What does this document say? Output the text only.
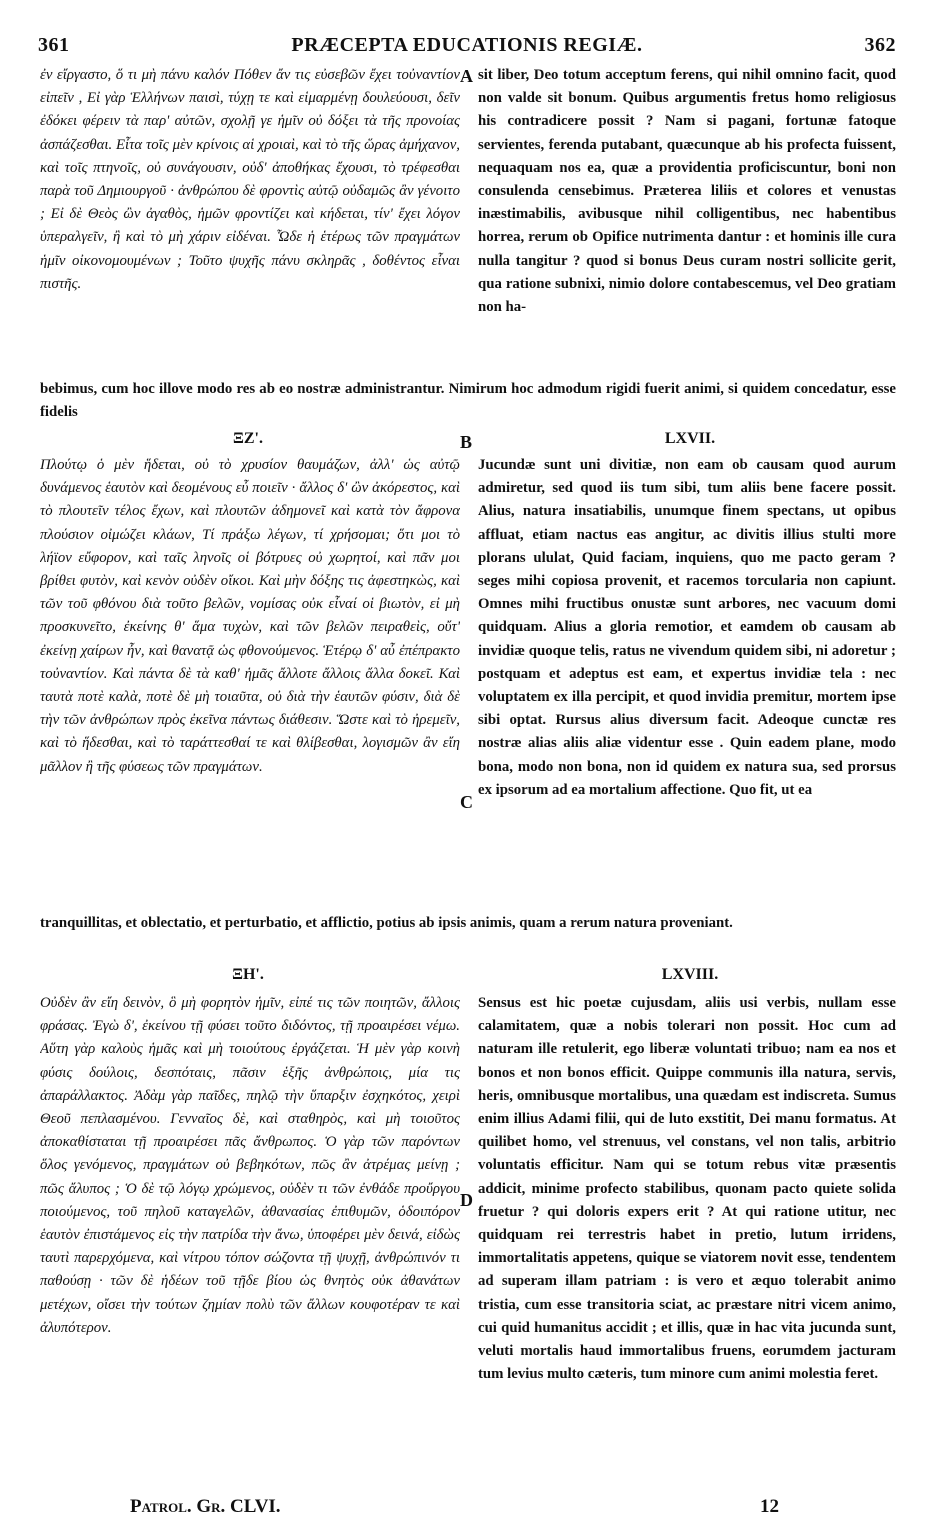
361	PRÆCEPTA EDUCATIONIS REGIÆ.	362

ἐν εἴργαστο, ὅ τι μὴ πάνυ καλόν Πόθεν ἄν τις εὐσεβῶν ἔχει τοὐναντίον εἰπεῖν , Εἰ γὰρ Ἑλλήνων παισὶ, τύχῃ τε καὶ εἱμαρμένῃ δουλεύουσι, δεῖν ἐδόκει φέρειν τὰ παρ' αὐτῶν, σχολῇ γε ἡμῖν οὐ δόξει τὰ τῆς προνοίας ἀσπάζεσθαι. Εἶτα τοῖς μὲν κρίνοις αἱ χροιαὶ, καὶ τὸ τῆς ὥρας ἀμήχανον, καὶ τοῖς πτηνοῖς, οὐ συνάγουσιν, οὐδ' ἀποθήκας ἔχουσι, τὸ τρέφεσθαι παρὰ τοῦ Δημιουργοῦ · ἀνθρώπου δὲ φροντὶς αὐτῷ οὐδαμῶς ἂν γένοιτο ; Εἰ δὲ Θεὸς ὢν ἀγαθὸς, ἡμῶν φροντίζει καὶ κήδεται, τίν' ἔχει λόγον ὑπεραλγεῖν, ἢ καὶ τὸ μὴ χάριν εἰδέναι. Ὧδε ἡ ἑτέρως τῶν πραγμάτων ἡμῖν οἰκονομουμένων ; Τοῦτο ψυχῆς πάνυ σκληρᾶς , δοθέντος εἶναι πιστῆς.

A sit liber, Deo totum acceptum ferens, qui nihil omnino facit, quod non valde sit bonum. Quibus argumentis fretus homo religiosus his contradicere possit ? Nam si pagani, fortunæ fatoque servientes, ferenda putabant, quæcunque ab his profecta fuissent, nequaquam nos ea, quæ a providentia proficiscuntur, boni non consulenda censebimus. Præterea liliis et colores et venustas inæstimabilis, avibusque nihil colligentibus, nec habentibus horrea, rerum ob Opifice nutrimenta dantur : et hominis ille cura nulla tangitur ? quod si bonus Deus curam nostri sollicite gerit, qua ratione subnixi, nimio dolore contabescemus, vel Deo gratiam non ha-

bebimus, cum hoc illove modo res ab eo nostræ administrantur. Nimirum hoc admodum rigidi fuerit animi, si quidem concedatur, esse fidelis

ΞΖ'.	B	LXVII.

Πλούτῳ ὁ μὲν ἥδεται, οὐ τὸ χρυσίον θαυμάζων, ἀλλ' ὡς αὐτῷ δυνάμενος ἑαυτὸν καὶ δεομένους εὖ ποιεῖν · ἄλλος δ' ὢν ἀκόρεστος, καὶ τὸ πλουτεῖν τέλος ἔχων, καὶ πλουτῶν ἀδημονεῖ καὶ κατὰ τὸν ἄφρονα πλούσιον οἰμώζει κλάων, Τί πράξω λέγων, τί χρήσομαι; ὅτι μοι τὸ λήϊον εὔφορον, καὶ ταῖς ληνοῖς οἱ βότρυες οὐ χωρητοί, καὶ πᾶν μοι βρίθει φυτὸν, καὶ κενὸν οὐδὲν οἴκοι. Καὶ μὴν δόξης τις ἀφεστηκὼς, καὶ τῶν τοῦ φθόνου διὰ τοῦτο βελῶν, νομίσας οὐκ εἶναί οἱ βιωτὸν, εἰ μὴ προσκυνεῖτο, ἐκείνης θ' ἅμα τυχὼν, καὶ τῶν βελῶν πειραθεὶς, οὔτ' ἐκείνῃ χαίρων ἦν, καὶ θανατᾷ ὡς φθονούμενος. Ἑτέρῳ δ' αὖ ἐπέπρακτο τοὐναντίον. Καὶ πάντα δὲ τὰ καθ' ἡμᾶς ἄλλοτε ἄλλοις ἄλλα δοκεῖ. Καὶ ταυτὰ ποτὲ καλὰ, ποτὲ δὲ μὴ τοιαῦτα, οὐ διὰ τὴν ἑαυτῶν φύσιν, διὰ δὲ τὴν τῶν ἀνθρώπων πρὸς ἐκεῖνα πάντως διάθεσιν. Ὥστε καὶ τὸ ἠρεμεῖν, καὶ τὸ ἥδεσθαι, καὶ τὸ ταράττεσθαί τε καὶ θλίβεσθαι, λογισμῶν ἂν εἴη μᾶλλον ἢ τῆς φύσεως τῶν πραγμάτων.

C

Jucundæ sunt uni divitiæ, non eam ob causam quod aurum admiretur, sed quod iis tum sibi, tum aliis bene facere possit. Alius, natura insatiabilis, unumque finem spectans, ut opibus affluat, etiam nactus eas angitur, ac divitis illius stulti more plorans ululat, Quid faciam, inquiens, quo me pacto geram ? seges mihi copiosa provenit, et racemos torcularia non capiunt. Omnes mihi fructibus onustæ sunt arbores, nec vacuum domi quidquam. Alius a gloria remotior, et eamdem ob causam ab invidiæ quoque telis, ratus ne vivendum quidem sibi, ni adoretur ; postquam et adeptus est eam, et expertus invidiæ tela : nec voluptatem ex illa percipit, et quod invidia premitur, mortem ipse sibi optat. Rursus alius diversum facit. Adeoque cunctæ res nostræ alias aliis aliæ videntur esse . Quin eadem plane, modo bona, modo non bona, non id quidem ex natura sua, sed prorsus ex ipsorum ad ea mortalium affectione. Quo fit, ut ea

tranquillitas, et oblectatio, et perturbatio, et afflictio, potius ab ipsis animis, quam a rerum natura proveniant.

ΞΗ'.	LXVIII.

Οὐδὲν ἂν εἴη δεινὸν, ὃ μὴ φορητὸν ἡμῖν, εἰπέ τις τῶν ποιητῶν, ἄλλοις φράσας. Ἐγὼ δ', ἐκείνου τῇ φύσει τοῦτο διδόντος, τῇ προαιρέσει νέμω. Αὕτη γὰρ καλοὺς ἡμᾶς καὶ μὴ τοιούτους ἐργάζεται. Ἡ μὲν γὰρ κοινὴ φύσις δούλοις, δεσπόταις, πᾶσιν ἑξῆς ἀνθρώποις, μία τις ἀπαράλλακτος. Ἀδὰμ γὰρ παῖδες, πηλῷ τὴν ὕπαρξιν ἐσχηκότος, χειρὶ Θεοῦ πεπλασμένου. Γενναῖος δὲ, καὶ σταθηρὸς, καὶ μὴ τοιοῦτος ἀποκαθίσταται τῇ προαιρέσει πᾶς ἄνθρωπος. Ὁ γὰρ τῶν παρόντων ὅλος γενόμενος, πραγμάτων οὐ βεβηκότων, πῶς ἂν ἀτρέμας μείνῃ ; πῶς ἄλυπος ; Ὁ δὲ τῷ λόγῳ χρώμενος, οὐδὲν τι τῶν ἐνθάδε προὔργου ποιούμενος, τοῦ πηλοῦ καταγελῶν, ἀθανασίας ἐπιθυμῶν, ὁδοιπόρον ἑαυτὸν ἐπιστάμενος εἰς τὴν πατρίδα τὴν ἄνω, ὑποφέρει μὲν δεινά, εἰδὼς ταυτὶ παρερχόμενα, καὶ νίτρου τόπον σώζοντα τῇ ψυχῇ, ἀνθρώπινόν τι παθούσῃ · τῶν δὲ ἡδέων τοῦ τῇδε βίου ὡς θνητὸς οὐκ ἀθανάτων μετέχων, οἴσει τὴν τούτων ζημίαν πολὺ τῶν ἄλλων κουφοτέραν τε καὶ ἀλυπότερον.

D

Sensus est hic poetæ cujusdam, aliis usi verbis, nullam esse calamitatem, quæ a nobis tolerari non possit. Hoc cum ad naturam ille retulerit, ego liberæ voluntati tribuo; nam ea nos et bonos et non bonos efficit. Quippe communis illa natura, servis, heris, omnibusque mortalibus, una quædam est indiscreta. Sumus enim illius Adami filii, qui de luto exstitit, Dei manu formatus. At quilibet homo, vel strenuus, vel constans, vel non talis, arbitrio voluntatis efficitur. Nam qui se totum rebus vitæ præsentis addicit, minime profecto stabilibus, quonam pacto quiete solida fruetur ? qui doloris expers erit ? At qui ratione utitur, nec quidquam rei terrestris habet in pretio, lutum irridens, immortalitatis appetens, quique se viatorem novit esse, tendentem ad superam illam patriam : is vero et æquo tolerabit animo tristia, cum esse transitoria sciat, ac præstare nitri vicem animo, cui quid humanitus accidit ; et illis, quæ in hac vita jucunda sunt, veluti mortalis haud immortalibus fruens, eorumdem jacturam tum levius multo cæteris, tum minore cum animi molestia feret.

Patrol. Gr. CLVI.	12
